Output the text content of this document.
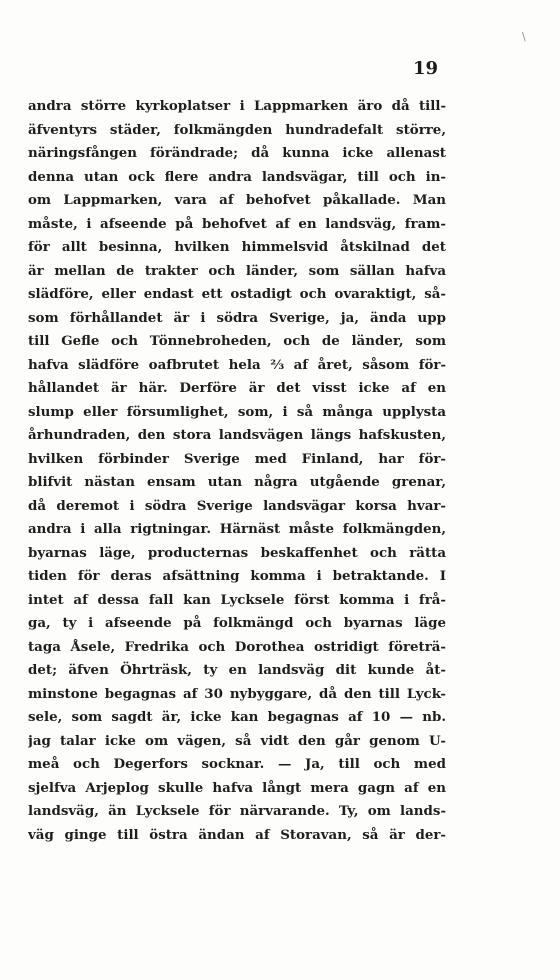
\
19
andra större kyrkoplatser i Lappmarken äro då till-
äfventyrs städer, folkmängden hundradefalt större,
näringsfången förändrade; då kunna icke allenast
denna utan ock flere andra landsvägar, till och in-
om Lappmarken, vara af behofvet påkallade. Man
måste, i afseende på behofvet af en landsväg, fram-
för allt besinna, hvilken himmelsvid åtskilnad det
är mellan de trakter och länder, som sällan hafva
slädföre, eller endast ett ostadigt och ovaraktigt, så-
som förhållandet är i södra Sverige, ja, ända upp
till Gefle och Tönnebroheden, och de länder, som
hafva slädföre oafbrutet hela ⅔ af året, såsom för-
hållandet är här. Derföre är det visst icke af en
slump eller försumlighet, som, i så många upplysta
århundraden, den stora landsvägen längs hafskusten,
hvilken förbinder Sverige med Finland, har för-
blifvit nästan ensam utan några utgående grenar,
då deremot i södra Sverige landsvägar korsa hvar-
andra i alla rigtningar. Härnäst måste folkmängden,
byarnas läge, producternas beskaffenhet och rätta
tiden för deras afsättning komma i betraktande. I
intet af dessa fall kan Lycksele först komma i frå-
ga, ty i afseende på folkmängd och byarnas läge
taga Åsele, Fredrika och Dorothea ostridigt företrä-
det; äfven Öhrträsk, ty en landsväg dit kunde åt-
minstone begagnas af 30 nybyggare, då den till Lyck-
sele, som sagdt är, icke kan begagnas af 10 — nb.
jag talar icke om vägen, så vidt den går genom U-
meå och Degerfors socknar. — Ja, till och med
sjelfva Arjeplog skulle hafva långt mera gagn af en
landsväg, än Lycksele för närvarande. Ty, om lands-
väg ginge till östra ändan af Storavan, så är der-
